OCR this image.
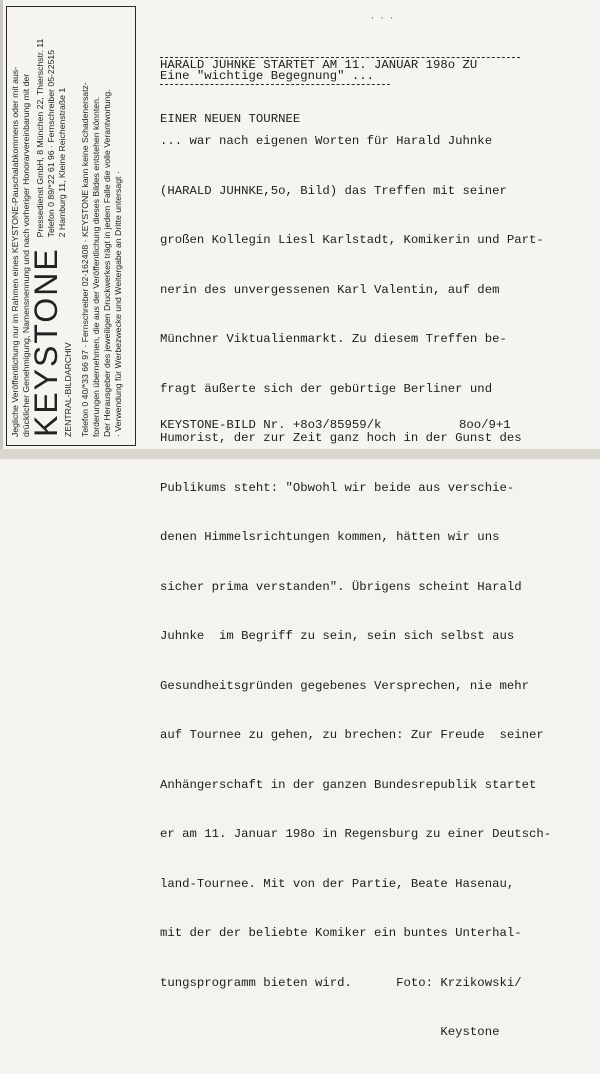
Jegliche Veröffentlichung nur im Rahmen eines KEYSTONE-Pauschalabkommens oder mit aus- drücklicher Genehmigung, Namensnennung und nach vorheriger Honorarvereinbarung mit der
KEYSTONE ZENTRAL-BILDARCHIV
Pressedienst GmbH, 8 München 22, Thierschstr. 11 Telefon 0 89/*22 61 96 · Fernschreiber 05-22515 2 Hamburg 11, Kleine Reichenstraße 1 Telefon 0 40/*33 66 97 · Fernschreiber 02-162408 · KEYSTONE kann keine Schadenersatz- forderungen übernehmen, die aus der Veröffentlichung dieses Bildes entstehen könnten. Der Herausgeber des jeweiligen Druckwerkes trägt in jedem Falle die volle Verantwortung. · Verwendung für Werbezwecke und Weitergabe an Dritte untersagt ·
· · ·

HARALD JUHNKE STARTET AM 11. JANUAR 198o ZU

EINER NEUEN TOURNEE

Eine "wichtige Begegnung" ...

... war nach eigenen Worten für Harald Juhnke

(HARALD JUHNKE,5o, Bild) das Treffen mit seiner

großen Kollegin Liesl Karlstadt, Komikerin und Part-

nerin des unvergessenen Karl Valentin, auf dem

Münchner Viktualienmarkt. Zu diesem Treffen be-

fragt äußerte sich der gebürtige Berliner und

Humorist, der zur Zeit ganz hoch in der Gunst des

Publikums steht: "Obwohl wir beide aus verschie-

denen Himmelsrichtungen kommen, hätten wir uns

sicher prima verstanden". Übrigens scheint Harald

Juhnke  im Begriff zu sein, sein sich selbst aus

Gesundheitsgründen gegebenes Versprechen, nie mehr

auf Tournee zu gehen, zu brechen: Zur Freude  seiner

Anhängerschaft in der ganzen Bundesrepublik startet

er am 11. Januar 198o in Regensburg zu einer Deutsch-

land-Tournee. Mit von der Partie, Beate Hasenau,

mit der der beliebte Komiker ein buntes Unterhal-

tungsprogramm bieten wird.      Foto: Krzikowski/

Keystone

KEYSTONE-BILD Nr. +8o3/85959/k	8oo/9+1
